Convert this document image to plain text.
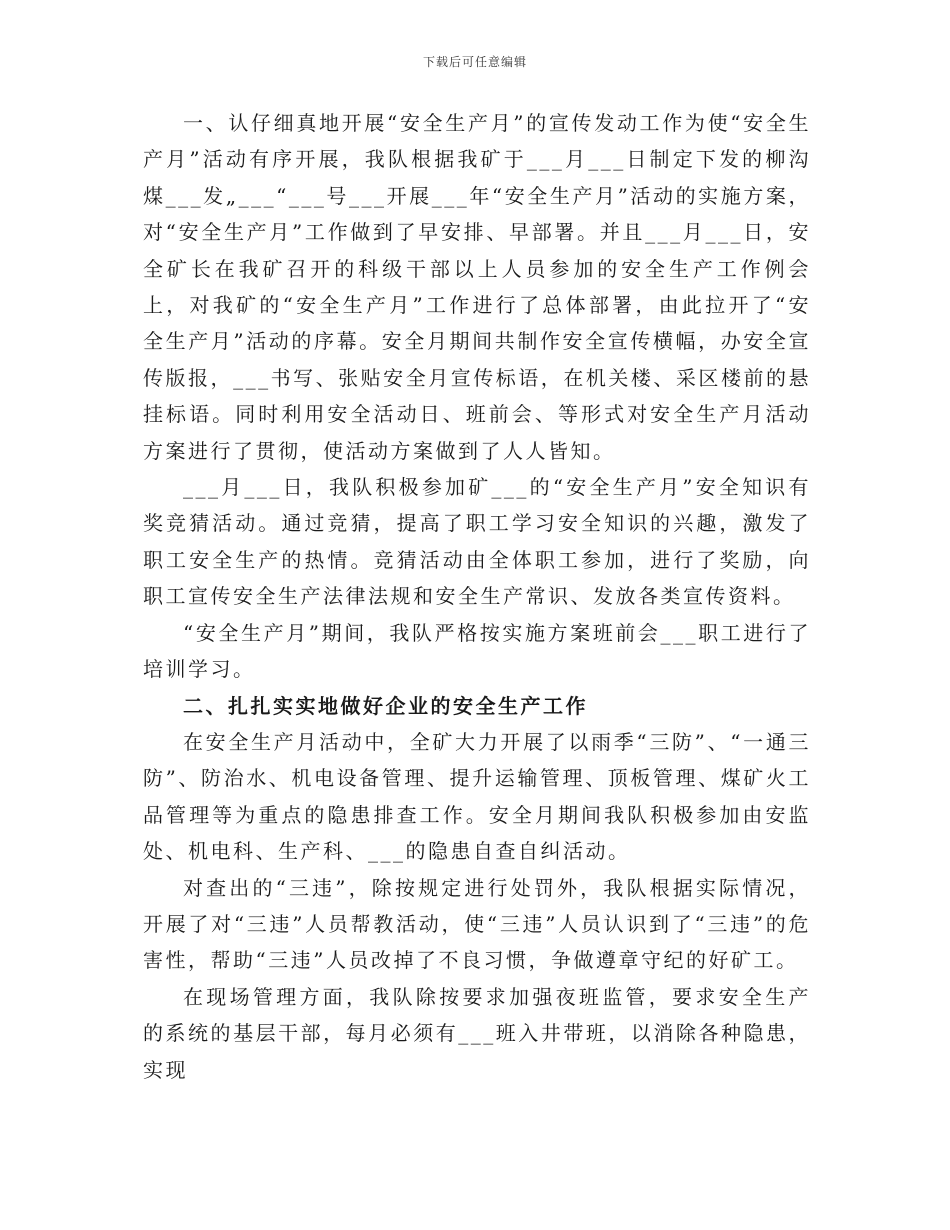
下载后可任意编辑

一、认仔细真地开展“安全生产月”的宣传发动工作为使“安全生产月”活动有序开展，我队根据我矿于___月___日制定下发的柳沟煤___发„___“___号___开展___年“安全生产月”活动的实施方案，对“安全生产月”工作做到了早安排、早部署。并且___月___日，安全矿长在我矿召开的科级干部以上人员参加的安全生产工作例会上，对我矿的“安全生产月”工作进行了总体部署，由此拉开了“安全生产月”活动的序幕。安全月期间共制作安全宣传横幅，办安全宣传版报，___书写、张贴安全月宣传标语，在机关楼、采区楼前的悬挂标语。同时利用安全活动日、班前会、等形式对安全生产月活动方案进行了贯彻，使活动方案做到了人人皆知。

___月___日，我队积极参加矿___的“安全生产月”安全知识有奖竞猜活动。通过竞猜，提高了职工学习安全知识的兴趣，激发了职工安全生产的热情。竞猜活动由全体职工参加，进行了奖励，向职工宣传安全生产法律法规和安全生产常识、发放各类宣传资料。

“安全生产月”期间，我队严格按实施方案班前会___职工进行了培训学习。

二、扎扎实实地做好企业的安全生产工作

在安全生产月活动中，全矿大力开展了以雨季“三防”、“一通三防”、防治水、机电设备管理、提升运输管理、顶板管理、煤矿火工品管理等为重点的隐患排查工作。安全月期间我队积极参加由安监处、机电科、生产科、___的隐患自查自纠活动。

对查出的“三违”，除按规定进行处罚外，我队根据实际情况，开展了对“三违”人员帮教活动，使“三违”人员认识到了“三违”的危害性，帮助“三违”人员改掉了不良习惯，争做遵章守纪的好矿工。

在现场管理方面，我队除按要求加强夜班监管，要求安全生产的系统的基层干部，每月必须有___班入井带班，以消除各种隐患，实现
